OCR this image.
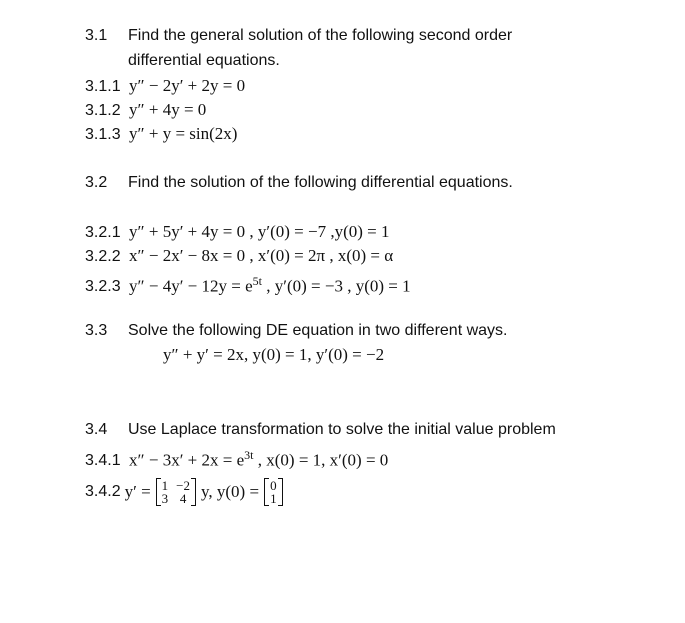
3.1 Find the general solution of the following second order
differential equations.
3.1.1 y″ − 2y′ + 2y = 0
3.1.2 y″ + 4y = 0
3.1.3 y″ + y = sin(2x)
3.2 Find the solution of the following differential equations.
3.2.1 y″ + 5y′ + 4y = 0 , y′(0) = −7 ,y(0) = 1
3.2.2 x″ − 2x′ − 8x = 0 , x′(0) = 2π , x(0) = α
3.2.3 $y'' - 4y' - 12y = e^{5t}$ , y′(0) = −3 , y(0) = 1
3.3 Solve the following DE equation in two different ways.
y″ + y′ = 2x, y(0) = 1, y′(0) = −2
3.4 Use Laplace transformation to solve the initial value problem
3.4.1 $x'' - 3x' + 2x = e^{3t}$ , x(0) = 1, x′(0) = 0
3.4.2 y′ = 1 −2
3 4 y, y(0) = 0
1
